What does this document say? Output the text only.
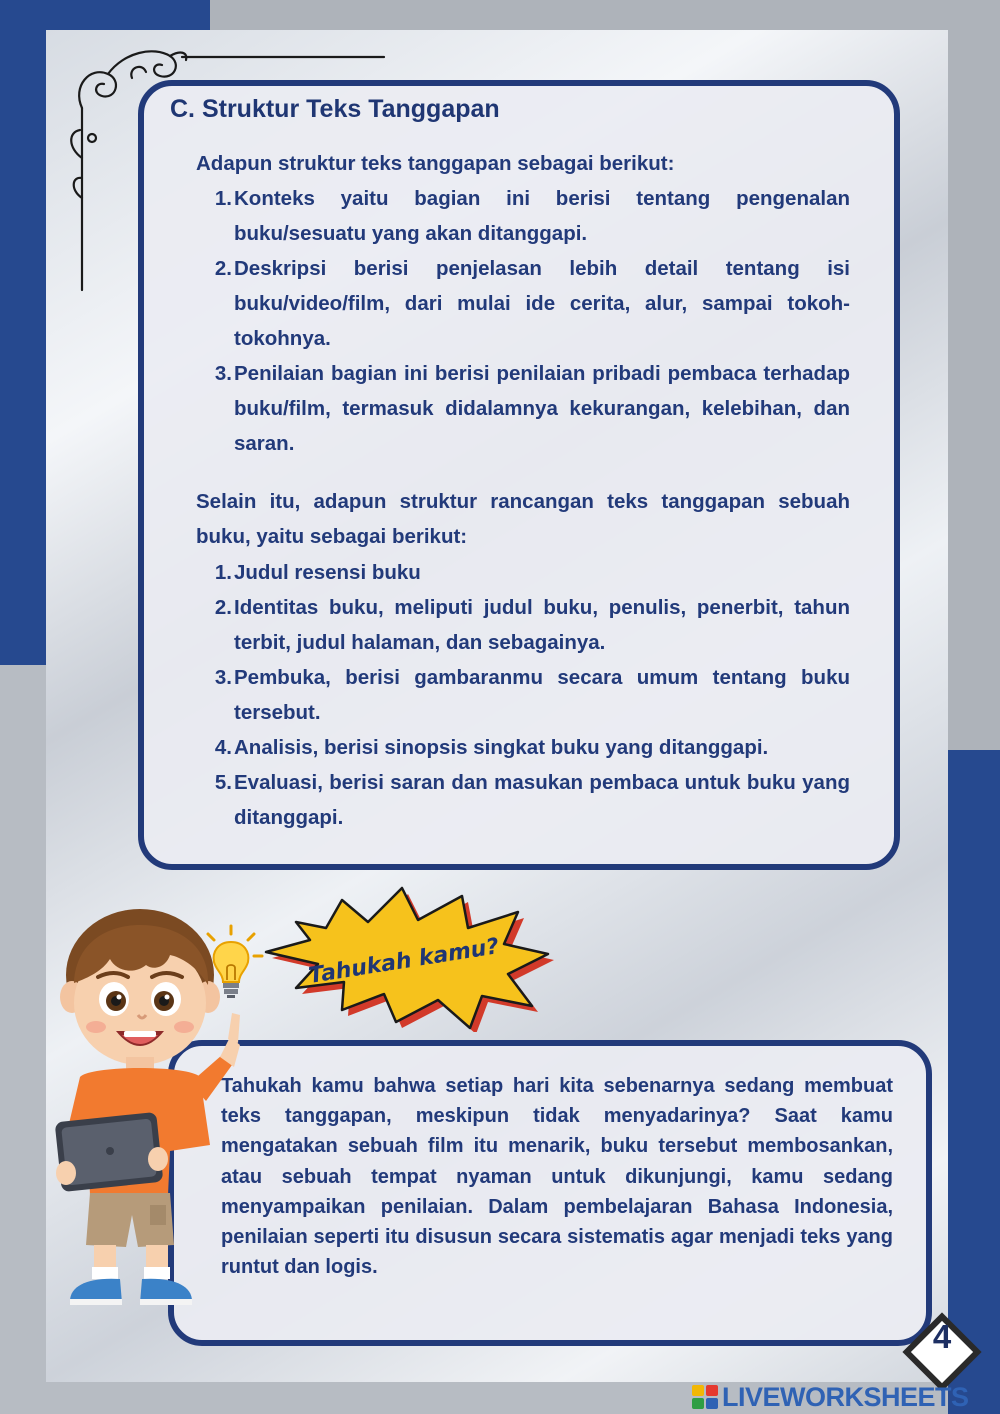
C. Struktur Teks Tanggapan

Adapun struktur teks tanggapan sebagai berikut:

1. Konteks yaitu bagian ini berisi tentang pengenalan buku/sesuatu yang akan ditanggapi.
2. Deskripsi berisi penjelasan lebih detail tentang isi buku/video/film, dari mulai ide cerita, alur, sampai tokoh-tokohnya.
3. Penilaian bagian ini berisi penilaian pribadi pembaca terhadap buku/film, termasuk didalamnya kekurangan, kelebihan, dan saran.

Selain itu, adapun struktur rancangan teks tanggapan sebuah buku, yaitu sebagai berikut:

1. Judul resensi buku
2. Identitas buku, meliputi judul buku, penulis, penerbit, tahun terbit, judul halaman, dan sebagainya.
3. Pembuka, berisi gambaranmu secara umum tentang buku tersebut.
4. Analisis, berisi sinopsis singkat buku yang ditanggapi.
5. Evaluasi, berisi saran dan masukan pembaca untuk buku yang ditanggapi.
Tahukah kamu?

Tahukah kamu bahwa setiap hari kita sebenarnya sedang membuat teks tanggapan, meskipun tidak menyadarinya? Saat kamu mengatakan sebuah film itu menarik, buku tersebut membosankan, atau sebuah tempat nyaman untuk dikunjungi, kamu sedang menyampaikan penilaian. Dalam pembelajaran Bahasa Indonesia, penilaian seperti itu disusun secara sistematis agar menjadi teks yang runtut dan logis.

4
LIVEWORKSHEETS
